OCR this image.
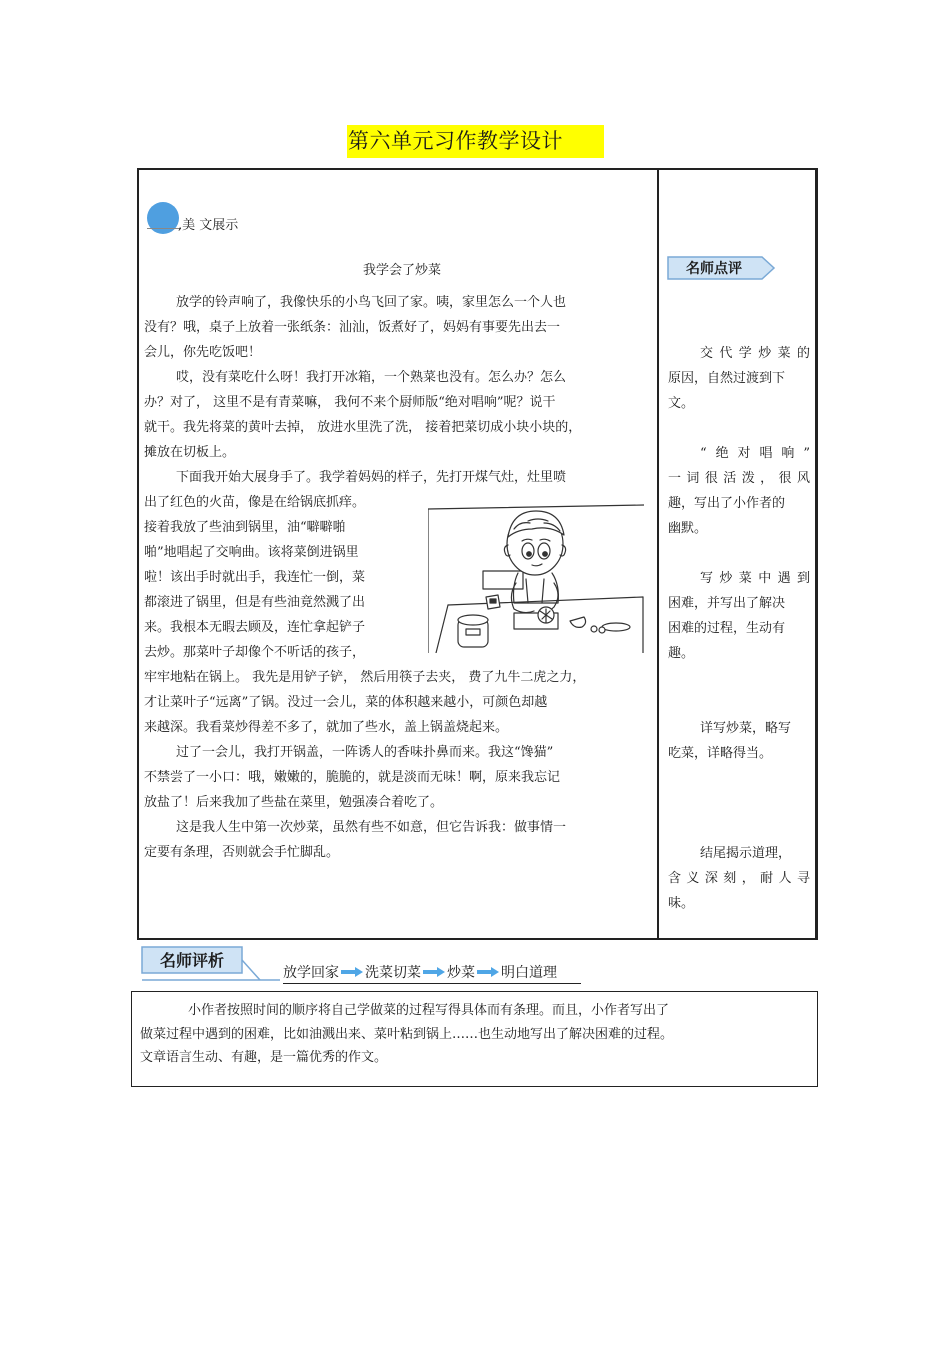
第六单元习作教学设计
,美 文展示
我学会了炒菜
放学的铃声响了，我像快乐的小鸟飞回了家。咦，家里怎么一个人也
没有？哦，桌子上放着一张纸条：汕汕，饭煮好了，妈妈有事要先出去一
会儿，你先吃饭吧！
哎，没有菜吃什么呀！我打开冰箱，一个熟菜也没有。怎么办？怎么
办？对了， 这里不是有青菜嘛， 我何不来个厨师版“绝对唱响”呢？说干
就干。我先将菜的黄叶去掉， 放进水里洗了洗， 接着把菜切成小块小块的，
摊放在切板上。
下面我开始大展身手了。我学着妈妈的样子，先打开煤气灶，灶里喷
出了红色的火苗，像是在给锅底抓痒。
接着我放了些油到锅里，油“噼噼啪
啪”地唱起了交响曲。该将菜倒进锅里
啦！该出手时就出手，我连忙一倒，菜
都滚进了锅里，但是有些油竟然溅了出
来。我根本无暇去顾及，连忙拿起铲子
去炒。那菜叶子却像个不听话的孩子，
牢牢地粘在锅上。 我先是用铲子铲， 然后用筷子去夹， 费了九牛二虎之力，
才让菜叶子“远离”了锅。没过一会儿，菜的体积越来越小，可颜色却越
来越深。我看菜炒得差不多了，就加了些水，盖上锅盖烧起来。
过了一会儿，我打开锅盖，一阵诱人的香味扑鼻而来。我这“馋猫”
不禁尝了一小口：哦，嫩嫩的，脆脆的，就是淡而无味！啊，原来我忘记
放盐了！后来我加了些盐在菜里，勉强凑合着吃了。
这是我人生中第一次炒菜，虽然有些不如意，但它告诉我：做事情一
定要有条理，否则就会手忙脚乱。
名师点评
交代学炒菜的
原因，自然过渡到下
文。
“绝对唱响”
一词很活泼，很风
趣，写出了小作者的
幽默。
写炒菜中遇到
困难，并写出了解决
困难的过程，生动有
趣。
详写炒菜，略写
吃菜，详略得当。
结尾揭示道理，
含义深刻，耐人寻
味。
名师评析
放学回家 洗菜切菜 炒菜 明白道理
小作者按照时间的顺序将自己学做菜的过程写得具体而有条理。而且，小作者写出了
做菜过程中遇到的困难，比如油溅出来、菜叶粘到锅上……也生动地写出了解决困难的过程。
文章语言生动、有趣，是一篇优秀的作文。
